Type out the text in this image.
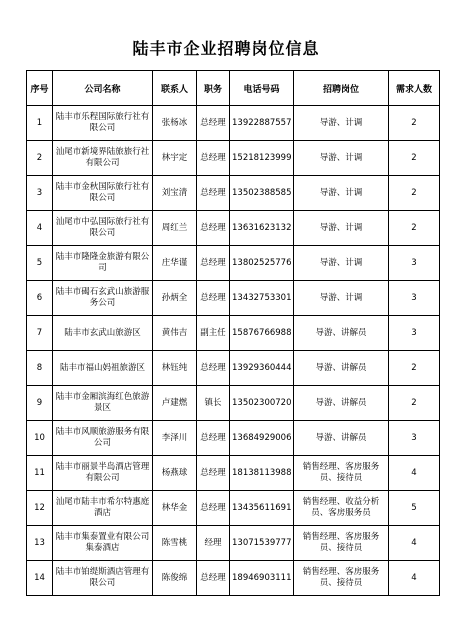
陆丰市企业招聘岗位信息
序号	公司名称	联系人	职务	电话号码	招聘岗位	需求人数
1	陆丰市乐程国际旅行社有限公司	张杨冰	总经理	13922887557	导游、计调	2
2	汕尾市新境界陆旅旅行社有限公司	林宇定	总经理	15218123999	导游、计调	2
3	陆丰市金秋国际旅行社有限公司	刘宝清	总经理	13502388585	导游、计调	2
4	汕尾市中弘国际旅行社有限公司	周红兰	总经理	13631623132	导游、计调	2
5	陆丰市隆隆金旅游有限公司	庄华谨	总经理	13802525776	导游、计调	3
6	陆丰市碣石玄武山旅游服务公司	孙炳全	总经理	13432753301	导游、计调	3
7	陆丰市玄武山旅游区	黄伟吉	副主任	15876766988	导游、讲解员	3
8	陆丰市福山妈祖旅游区	林钰纯	总经理	13929360444	导游、讲解员	2
9	陆丰市金厢滨海红色旅游景区	卢建燃	镇长	13502300720	导游、讲解员	2
10	陆丰市风顺旅游服务有限公司	李泽川	总经理	13684929006	导游、讲解员	3
11	陆丰市丽景半岛酒店管理有限公司	杨燕球	总经理	18138113988	销售经理、客房服务员、接待员	4
12	汕尾市陆丰市希尔特惠庭酒店	林华金	总经理	13435611691	销售经理、收益分析员、客房服务员	5
13	陆丰市集泰置业有限公司集泰酒店	陈雪桃	经理	13071539777	销售经理、客房服务员、接待员	4
14	陆丰市铂缇斯酒店管理有限公司	陈俊绵	总经理	18946903111	销售经理、客房服务员、接待员	4
